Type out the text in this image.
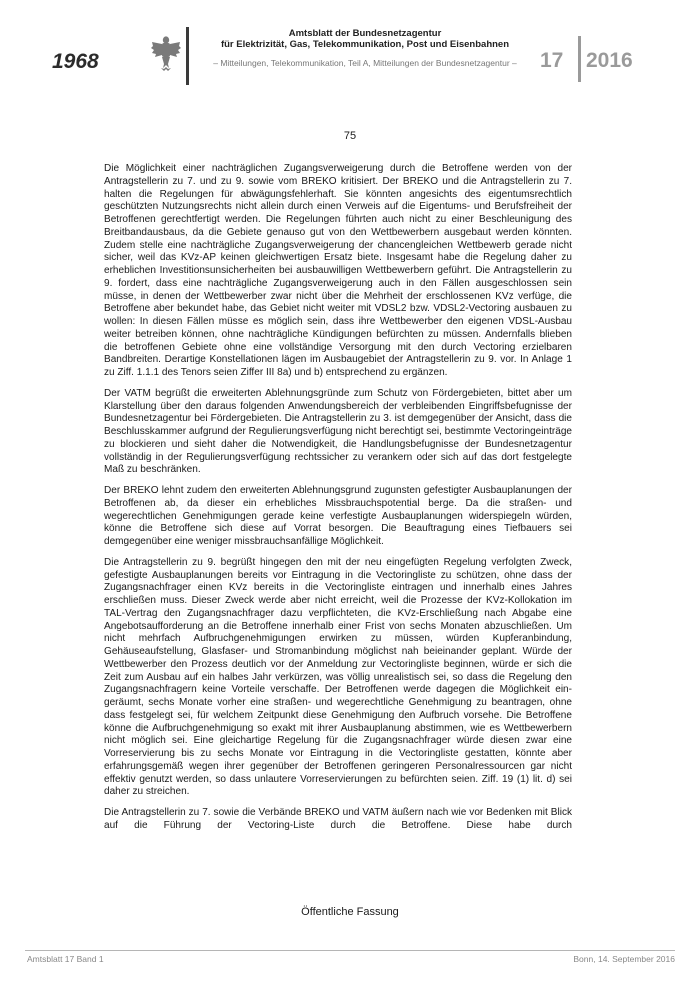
1968
Amtsblatt der Bundesnetzagentur
für Elektrizität, Gas, Telekommunikation, Post und Eisenbahnen
– Mitteilungen, Telekommunikation, Teil A, Mitteilungen der Bundesnetzagentur –	17 2016
75

Die Möglichkeit einer nachträglichen Zugangsverweigerung durch die Betroffene werden von der Antragstellerin zu 7. und zu 9. sowie vom BREKO kritisiert. Der BREKO und die Antragstellerin zu 7. halten die Regelungen für abwägungsfehlerhaft. Sie könnten angesichts des eigentumsrechtlich geschützten Nutzungsrechts nicht allein durch einen Verweis auf die Eigentums- und Berufsfreiheit der Betroffenen gerechtfertigt werden. Die Regelungen führten auch nicht zu einer Beschleunigung des Breitbandausbaus, da die Gebiete genauso gut von den Wettbewerbern ausgebaut werden könnten. Zudem stelle eine nachträgliche Zugangsverweigerung der chancengleichen Wettbewerb gerade nicht sicher, weil das KVz-AP keinen gleichwertigen Ersatz biete. Insgesamt habe die Regelung daher zu erheblichen Investitionsunsicherheiten bei ausbauwilligen Wettbewerbern geführt. Die Antragstellerin zu 9. fordert, dass eine nachträgliche Zugangsverweigerung auch in den Fällen ausgeschlossen sein müsse, in denen der Wettbewerber zwar nicht über die Mehrheit der erschlossenen KVz verfüge, die Betroffene aber bekundet habe, das Gebiet nicht weiter mit VDSL2 bzw. VDSL2-Vectoring ausbauen zu wollen: In diesen Fällen müsse es möglich sein, dass ihre Wettbewerber den eigenen VDSL-Ausbau weiter betreiben können, ohne nachträgliche Kündigungen befürchten zu müssen. Andernfalls blieben die betroffenen Gebiete ohne eine vollständige Versorgung mit den durch Vectoring erzielbaren Bandbreiten. Derartige Konstellationen lägen im Ausbaugebiet der Antragstellerin zu 9. vor. In Anlage 1 zu Ziff. 1.1.1 des Tenors seien Ziffer III 8a) und b) entsprechend zu ergänzen.

Der VATM begrüßt die erweiterten Ablehnungsgründe zum Schutz von Fördergebieten, bittet aber um Klarstellung über den daraus folgenden Anwendungsbereich der verbleibenden Eingriffsbefugnisse der Bundesnetzagentur bei Fördergebieten. Die Antragstellerin zu 3. ist demgegenüber der Ansicht, dass die Beschlusskammer aufgrund der Regulierungsverfügung nicht berechtigt sei, bestimmte Vectoringeinträge zu blockieren und sieht daher die Notwendigkeit, die Handlungsbefugnisse der Bundesnetzagentur vollständig in der Regulierungsverfügung rechtssicher zu verankern oder sich auf das dort festgelegte Maß zu beschränken.

Der BREKO lehnt zudem den erweiterten Ablehnungsgrund zugunsten gefestigter Ausbauplanungen der Betroffenen ab, da dieser ein erhebliches Missbrauchspotential berge. Da die straßen- und wegerechtlichen Genehmigungen gerade keine verfestigte Ausbauplanungen widerspiegeln würden, könne die Betroffene sich diese auf Vorrat besorgen. Die Beauftragung eines Tiefbauers sei demgegenüber eine weniger missbrauchsanfällige Möglichkeit.

Die Antragstellerin zu 9. begrüßt hingegen den mit der neu eingefügten Regelung verfolgten Zweck, gefestigte Ausbauplanungen bereits vor Eintragung in die Vectoringliste zu schützen, ohne dass der Zugangsnachfrager einen KVz bereits in die Vectoringliste eintragen und innerhalb eines Jahres erschließen muss. Dieser Zweck werde aber nicht erreicht, weil die Prozesse der KVz-Kollokation im TAL-Vertrag den Zugangsnachfrager dazu verpflichteten, die KVz-Erschließung nach Abgabe eine Angebotsaufforderung an die Betroffene innerhalb einer Frist von sechs Monaten abzuschließen. Um nicht mehrfach Aufbruchgenehmigungen erwirken zu müssen, würden Kupferanbindung, Gehäuseaufstellung, Glasfaser- und Stromanbindung möglichst nah beieinander geplant. Würde der Wettbewerber den Prozess deutlich vor der Anmeldung zur Vectoringliste beginnen, würde er sich die Zeit zum Ausbau auf ein halbes Jahr verkürzen, was völlig unrealistisch sei, so dass die Regelung den Zugangsnachfragern keine Vorteile verschaffe. Der Betroffenen werde dagegen die Möglichkeit eingeräumt, sechs Monate vorher eine straßen- und wegerechtliche Genehmigung zu beantragen, ohne dass festgelegt sei, für welchem Zeitpunkt diese Genehmigung den Aufbruch vorsehe. Die Betroffene könne die Aufbruchgenehmigung so exakt mit ihrer Ausbauplanung abstimmen, wie es Wettbewerbern nicht möglich sei. Eine gleichartige Regelung für die Zugangsnachfrager würde diesen zwar eine Vorreservierung bis zu sechs Monate vor Eintragung in die Vectoringliste gestatten, könnte aber erfahrungsgemäß wegen ihrer gegenüber der Betroffenen geringeren Personalressourcen gar nicht effektiv genutzt werden, so dass unlautere Vorreservierungen zu befürchten seien. Ziff. 19 (1) lit. d) sei daher zu streichen.

Die Antragstellerin zu 7. sowie die Verbände BREKO und VATM äußern nach wie vor Bedenken mit Blick auf die Führung der Vectoring-Liste durch die Betroffene. Diese habe durch

Öffentliche Fassung
Amtsblatt 17 Band 1	Bonn, 14. September 2016
